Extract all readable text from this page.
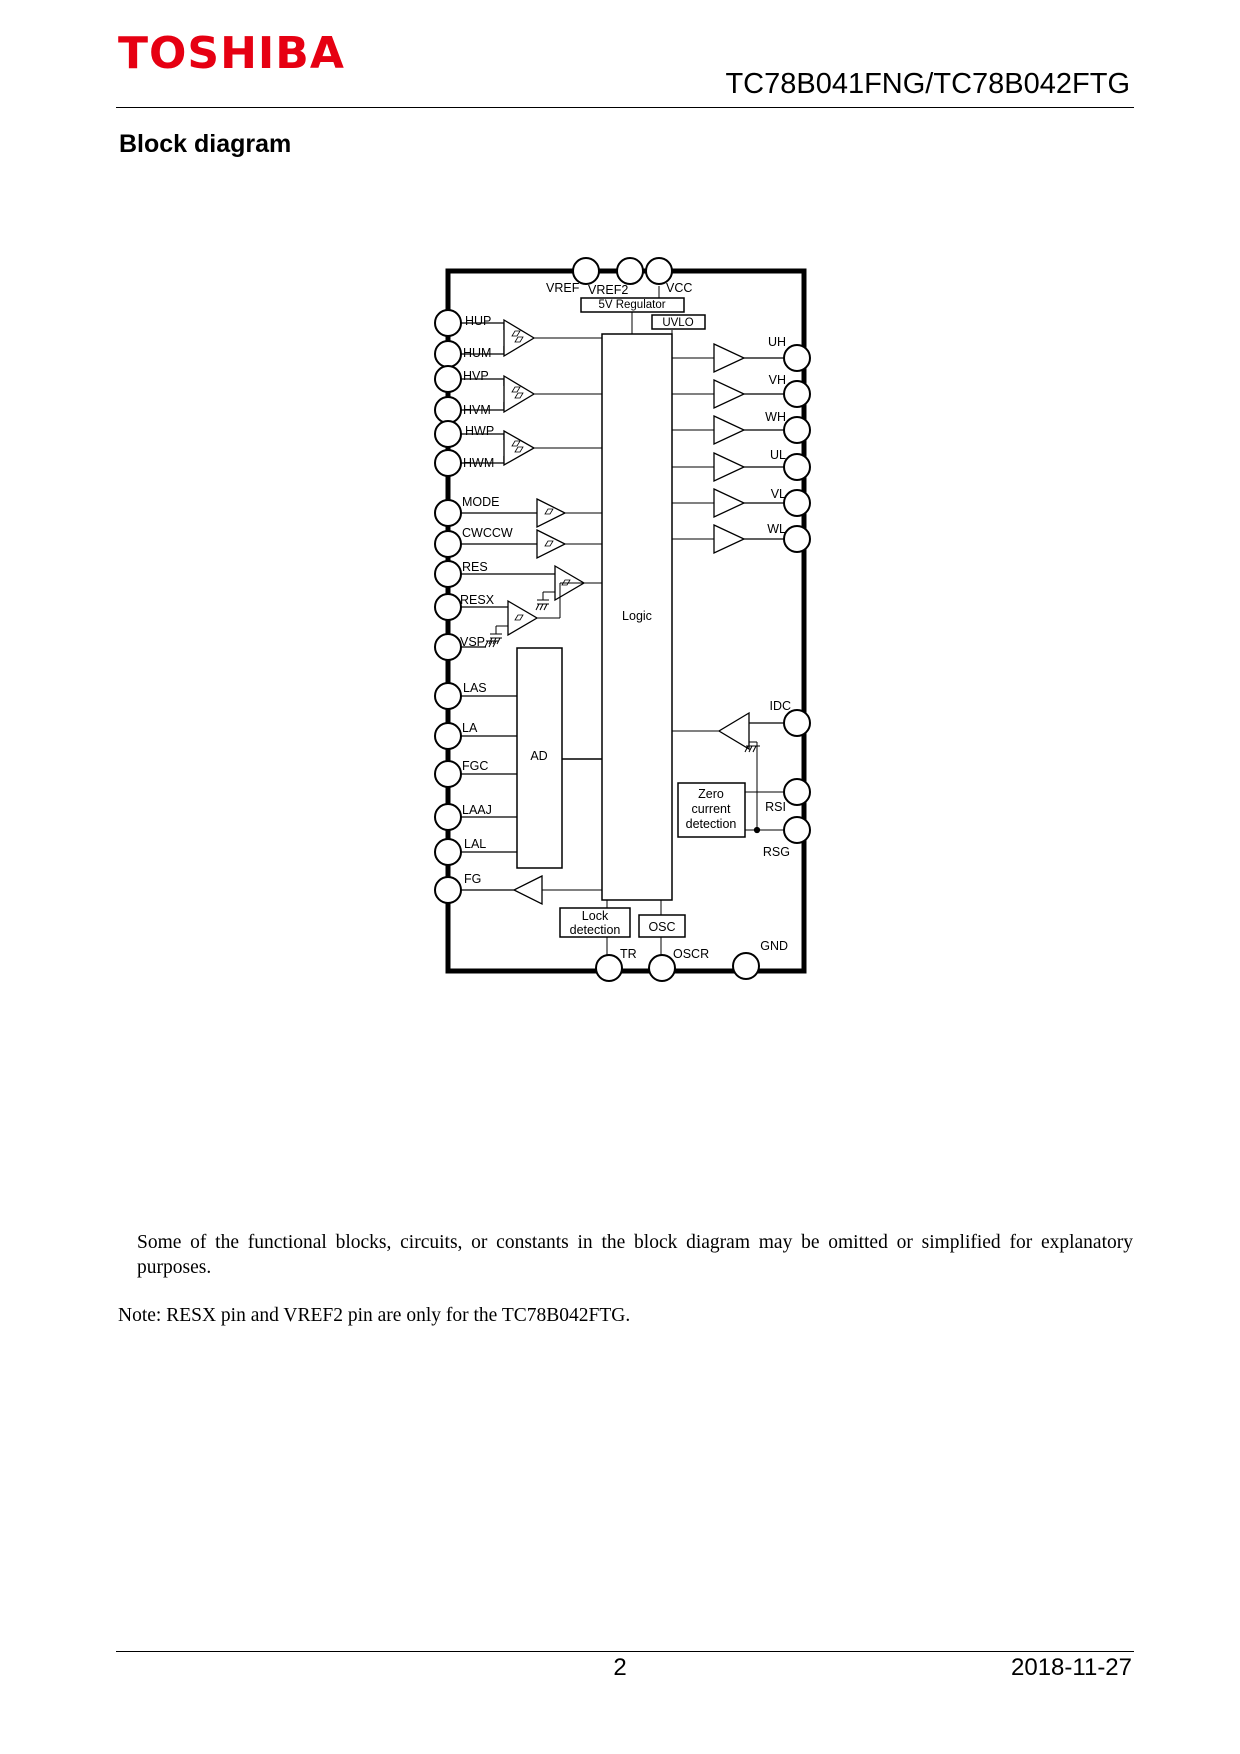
TOSHIBA
TC78B041FNG/TC78B042FTG
Block diagram
Logic
AD
5V Regulator
UVLO
VREF VREF2	VCC
Zero
current
detection
Lock
detection OSC
HUP
HUM
HVP
HVM
HWP
HWM
MODE
CWCCW
RES
RESX
VSP
LAS
LA
FGC
LAAJ
LAL
FG
UH
VH
WH
UL
VL
WL
IDC
RSI
RSG
GND
TR	OSCR
Some of the functional blocks, circuits, or constants in the block diagram may be omitted or simplified for explanatory purposes.
Note: RESX pin and VREF2 pin are only for the TC78B042FTG.
2	2018-11-27
